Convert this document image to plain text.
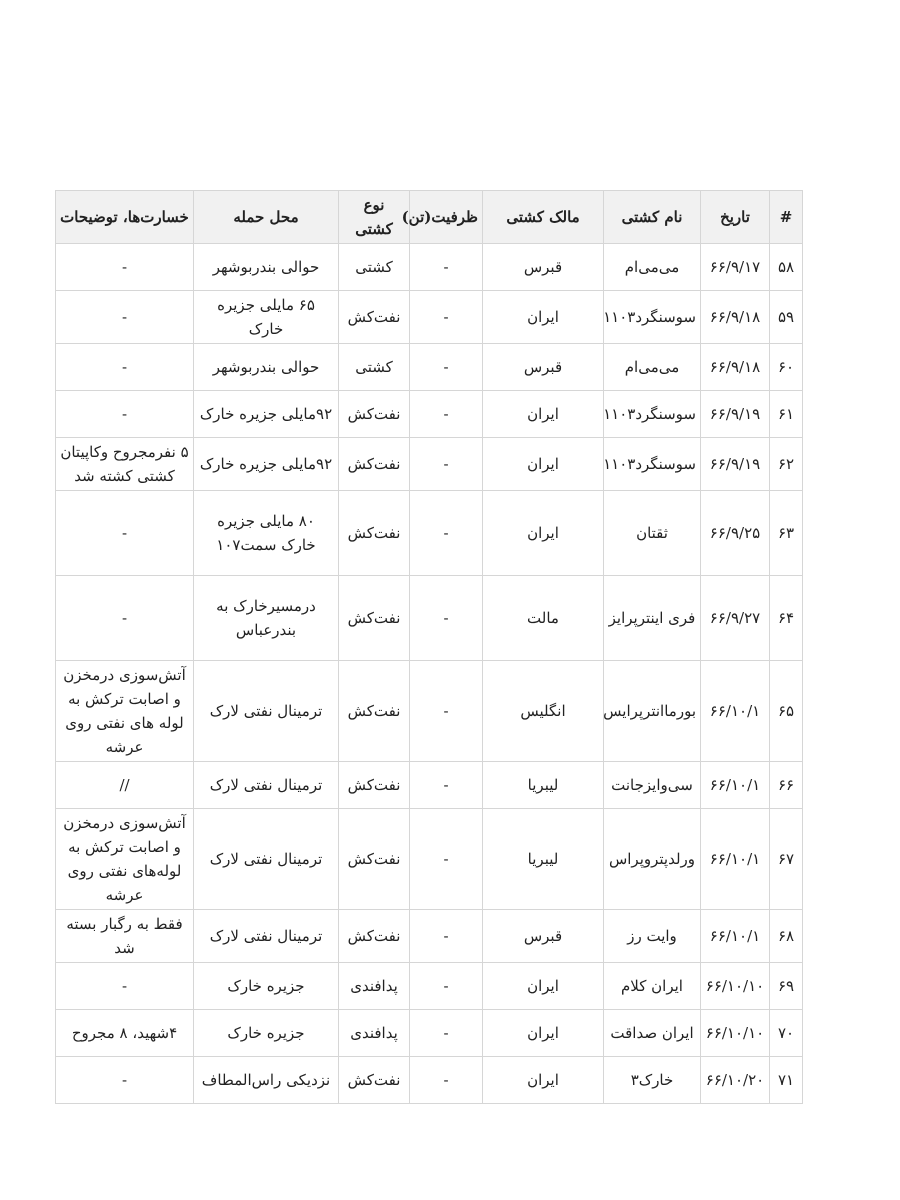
#	تاریخ	نام کشتی	مالک کشتی	ظرفیت(تن)	نوع کشتی	محل حمله	خسارت‌ها، توضیحات
۵۸	۶۶/۹/۱۷	می‌می‌ام	قبرس	-	کشتی	حوالی بندربوشهر	-
۵۹	۶۶/۹/۱۸	سوسنگرد۱۱۰۳	ایران	-	نفت‌کش	۶۵ مایلی جزیره خارک	-
۶۰	۶۶/۹/۱۸	می‌می‌ام	قبرس	-	کشتی	حوالی بندربوشهر	-
۶۱	۶۶/۹/۱۹	سوسنگرد۱۱۰۳	ایران	-	نفت‌کش	۹۲مایلی جزیره خارک	-
۶۲	۶۶/۹/۱۹	سوسنگرد۱۱۰۳	ایران	-	نفت‌کش	۹۲مایلی جزیره خارک	۵ نفرمجروح وکاپیتان کشتی کشته شد
۶۳	۶۶/۹/۲۵	ثقتان	ایران	-	نفت‌کش	۸۰ مایلی جزیره خارک سمت۱۰۷	-
۶۴	۶۶/۹/۲۷	فری اینترپرایز	مالت	-	نفت‌کش	درمسیرخارک به بندرعباس	-
۶۵	۶۶/۱۰/۱	بورماانترپرایس	انگلیس	-	نفت‌کش	ترمینال نفتی لارک	آتش‌سوزی درمخزن و اصابت ترکش به لوله های نفتی روی عرشه
۶۶	۶۶/۱۰/۱	سی‌وایزجانت	لیبریا	-	نفت‌کش	ترمینال نفتی لارک	//
۶۷	۶۶/۱۰/۱	ورلدپتروپراس	لیبریا	-	نفت‌کش	ترمینال نفتی لارک	آتش‌سوزی درمخزن و اصابت ترکش به لوله‌های نفتی روی عرشه
۶۸	۶۶/۱۰/۱	وایت رز	قبرس	-	نفت‌کش	ترمینال نفتی لارک	فقط به رگبار بسته شد
۶۹	۶۶/۱۰/۱۰	ایران کلام	ایران	-	پدافندی	جزیره خارک	-
۷۰	۶۶/۱۰/۱۰	ایران صداقت	ایران	-	پدافندی	جزیره خارک	۴شهید، ۸ مجروح
۷۱	۶۶/۱۰/۲۰	خارک۳	ایران	-	نفت‌کش	نزدیکی راس‌المطاف	-
